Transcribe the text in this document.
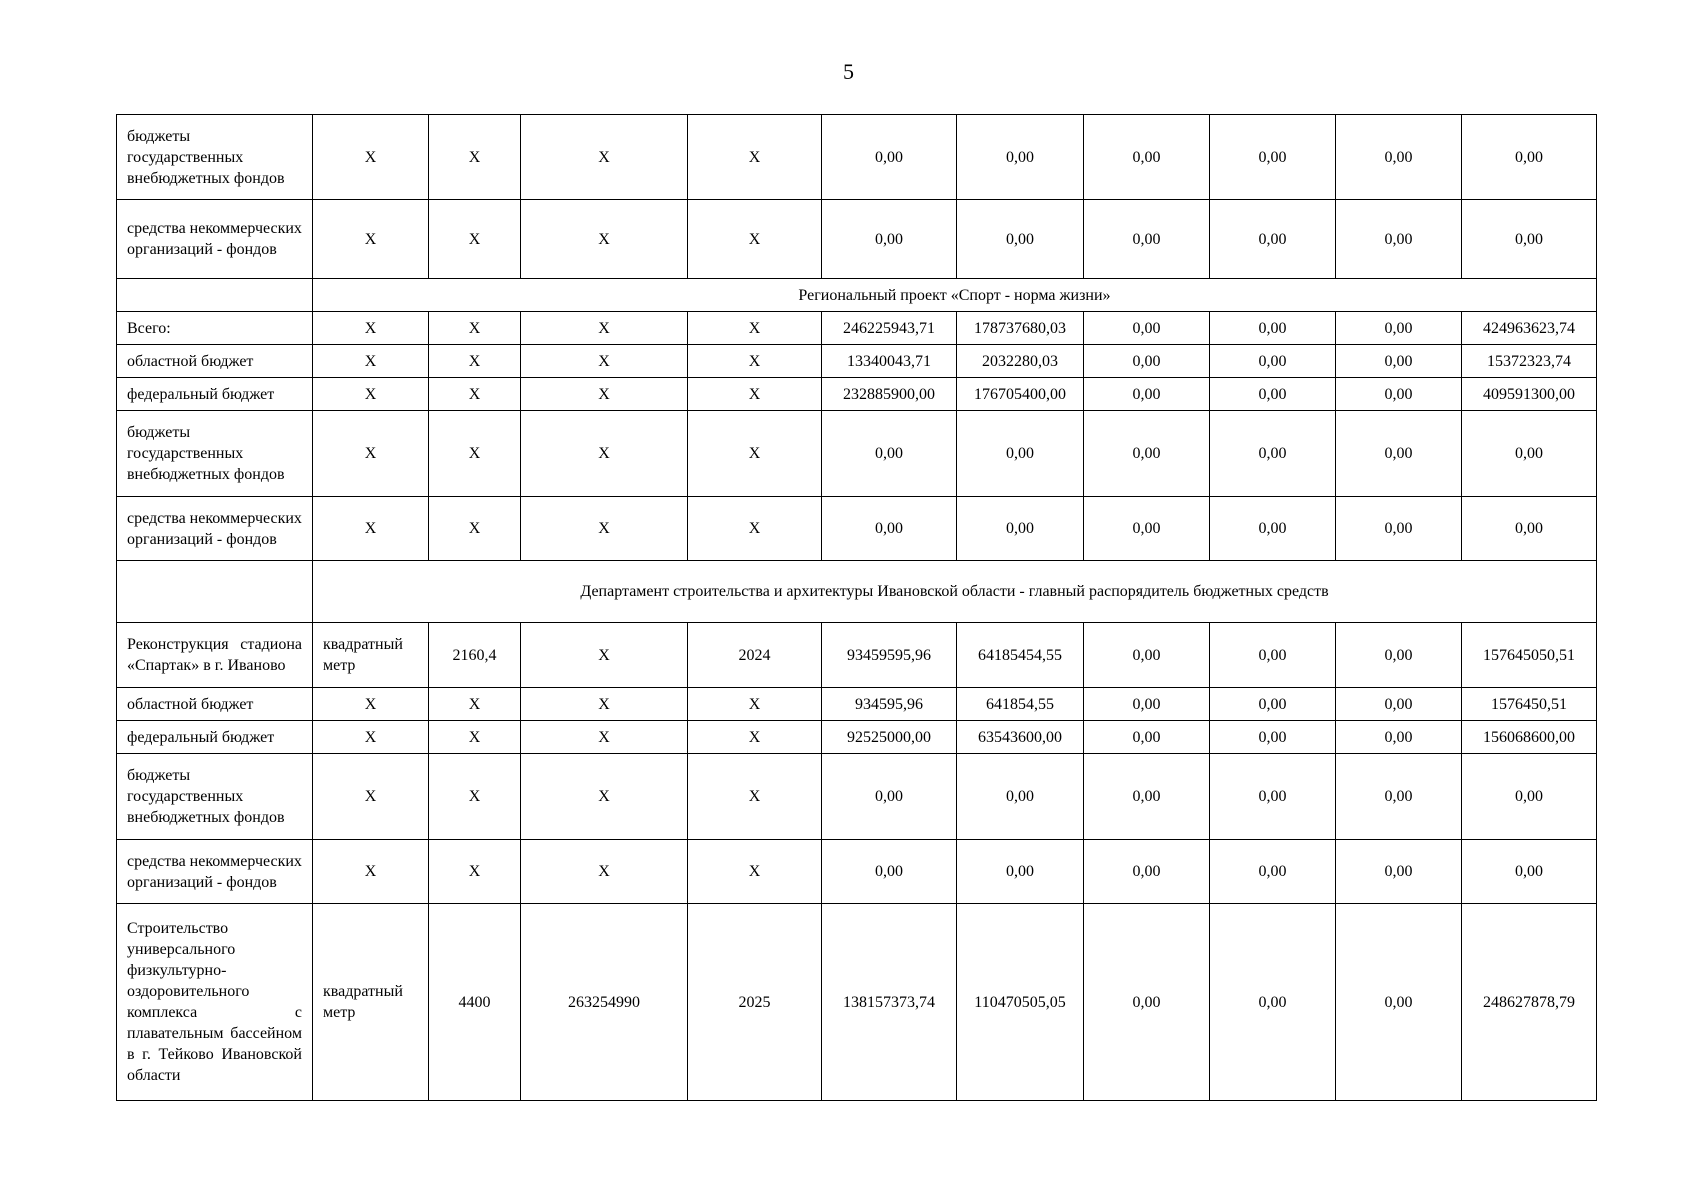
5
бюджеты государственных внебюджетных фондов	X	X	X	X	0,00	0,00	0,00	0,00	0,00	0,00
средства некоммерческих организаций - фондов	X	X	X	X	0,00	0,00	0,00	0,00	0,00	0,00
	Региональный проект «Спорт - норма жизни»									
Всего:	X	X	X	X	246225943,71	178737680,03	0,00	0,00	0,00	424963623,74
областной бюджет	X	X	X	X	13340043,71	2032280,03	0,00	0,00	0,00	15372323,74
федеральный бюджет	X	X	X	X	232885900,00	176705400,00	0,00	0,00	0,00	409591300,00
бюджеты государственных внебюджетных фондов	X	X	X	X	0,00	0,00	0,00	0,00	0,00	0,00
средства некоммерческих организаций - фондов	X	X	X	X	0,00	0,00	0,00	0,00	0,00	0,00
	Департамент строительства и архитектуры Ивановской области - главный распорядитель бюджетных средств									
Реконструкция стадиона «Спартак» в г. Иваново	квадратный метр	2160,4	X	2024	93459595,96	64185454,55	0,00	0,00	0,00	157645050,51
областной бюджет	X	X	X	X	934595,96	641854,55	0,00	0,00	0,00	1576450,51
федеральный бюджет	X	X	X	X	92525000,00	63543600,00	0,00	0,00	0,00	156068600,00
бюджеты государственных внебюджетных фондов	X	X	X	X	0,00	0,00	0,00	0,00	0,00	0,00
средства некоммерческих организаций - фондов	X	X	X	X	0,00	0,00	0,00	0,00	0,00	0,00
Строительство универсального физкультурно-оздоровительного комплекса с плавательным бассейном в г. Тейково Ивановской области	квадратный метр	4400	263254990	2025	138157373,74	110470505,05	0,00	0,00	0,00	248627878,79
